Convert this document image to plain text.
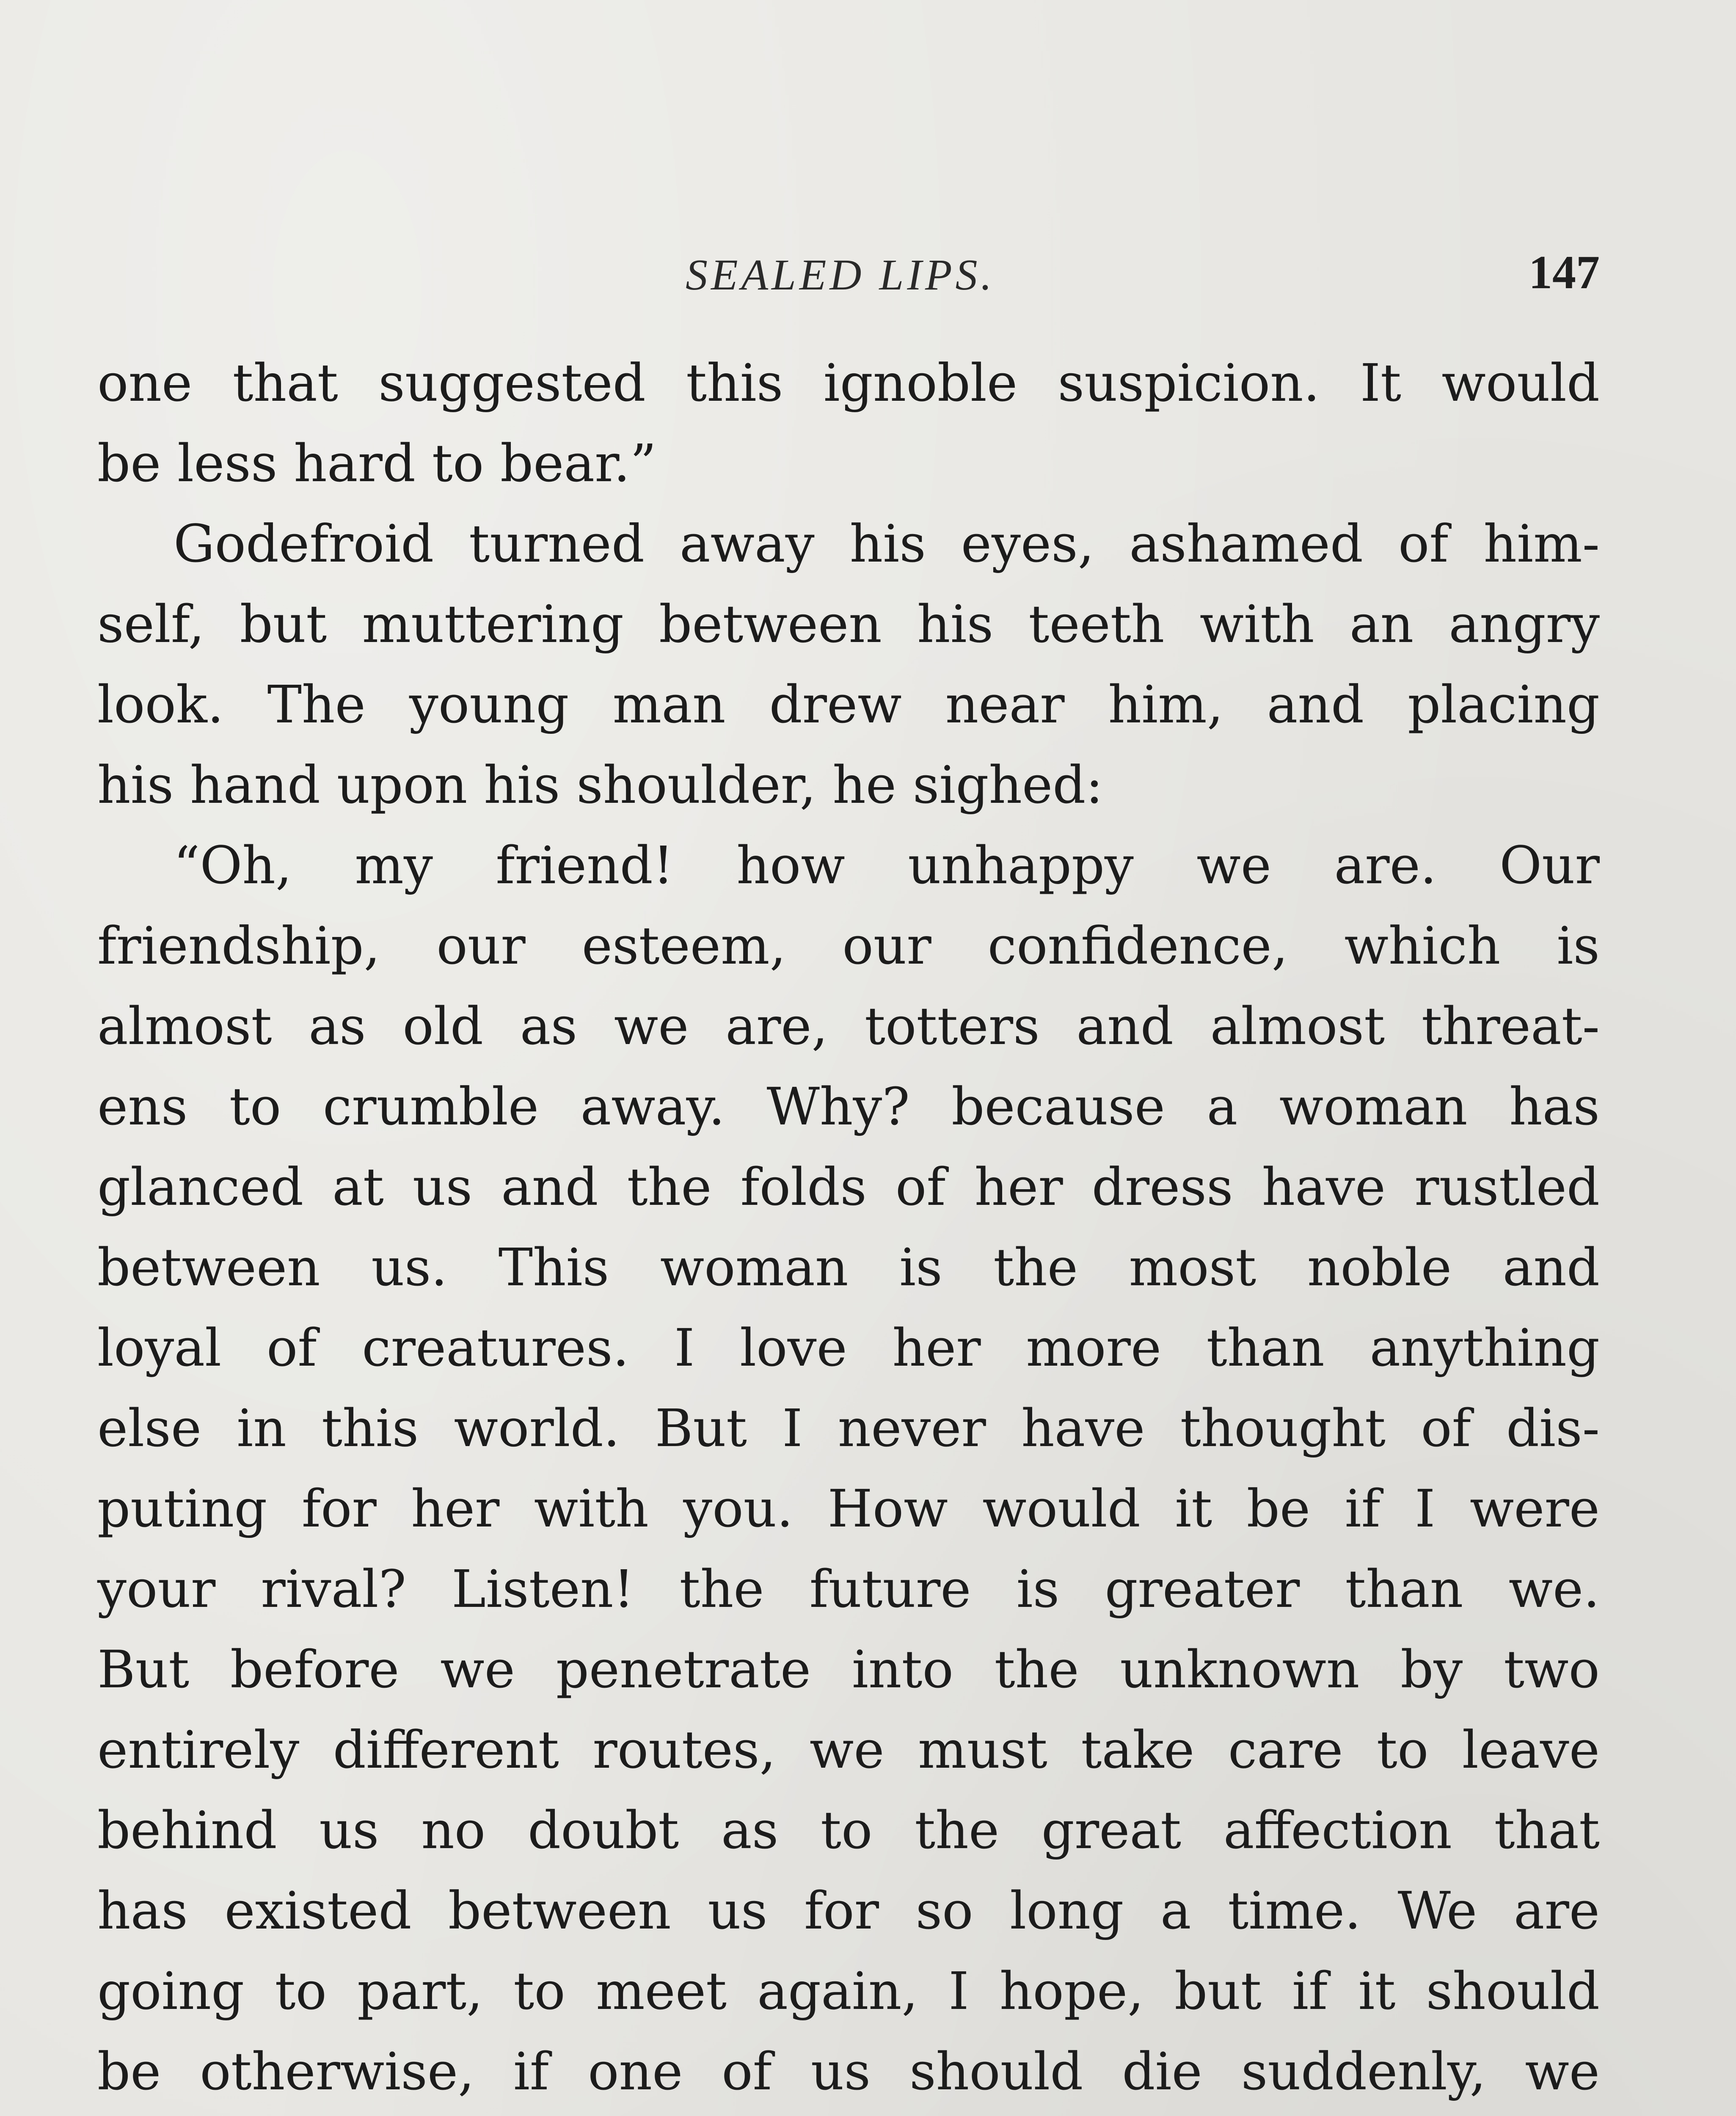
SEALED LIPS.	147
one that suggested this ignoble suspicion. It would
be less hard to bear.”
Godefroid turned away his eyes, ashamed of him-
self, but muttering between his teeth with an angry
look. The young man drew near him, and placing
his hand upon his shoulder, he sighed:
“Oh, my friend! how unhappy we are. Our
friendship, our esteem, our confidence, which is
almost as old as we are, totters and almost threat-
ens to crumble away. Why? because a woman has
glanced at us and the folds of her dress have rustled
between us. This woman is the most noble and
loyal of creatures. I love her more than anything
else in this world. But I never have thought of dis-
puting for her with you. How would it be if I were
your rival? Listen! the future is greater than we.
But before we penetrate into the unknown by two
entirely different routes, we must take care to leave
behind us no doubt as to the great affection that
has existed between us for so long a time. We are
going to part, to meet again, I hope, but if it should
be otherwise, if one of us should die suddenly, we
